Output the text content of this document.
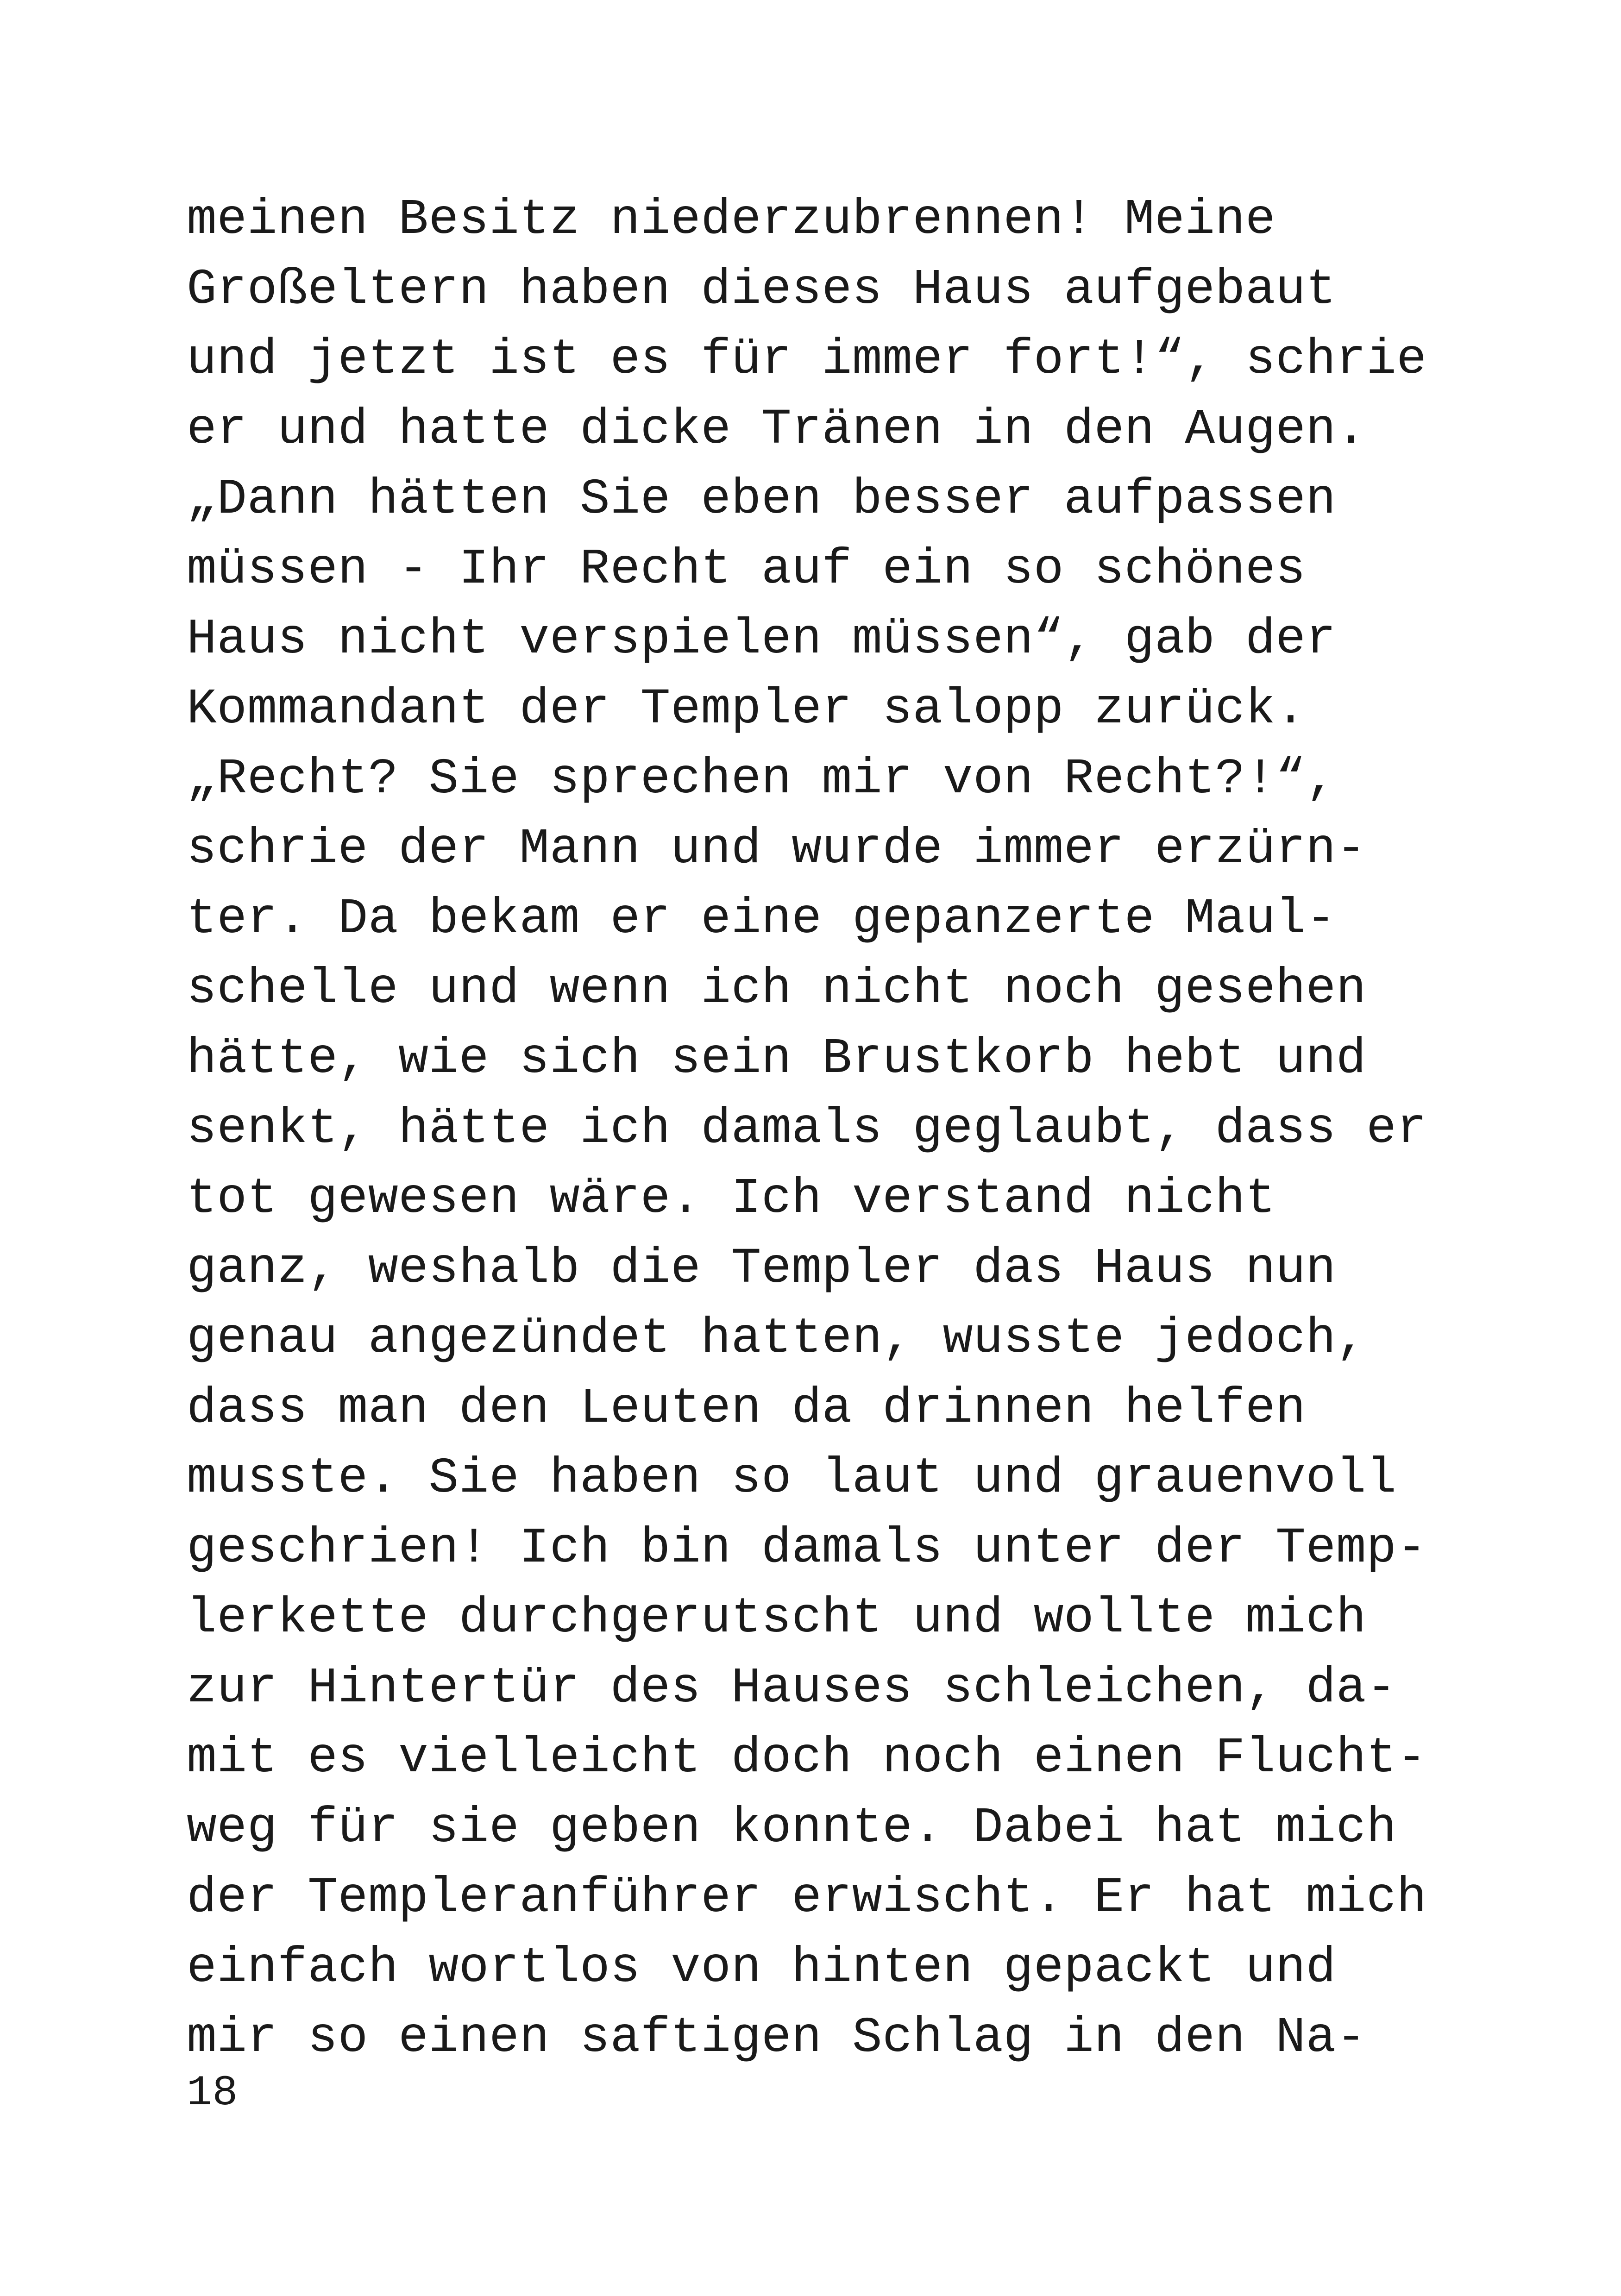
meinen Besitz niederzubrennen! Meine
Großeltern haben dieses Haus aufgebaut
und jetzt ist es für immer fort!“, schrie
er und hatte dicke Tränen in den Augen.
„Dann hätten Sie eben besser aufpassen
müssen - Ihr Recht auf ein so schönes
Haus nicht verspielen müssen“, gab der
Kommandant der Templer salopp zurück.
„Recht? Sie sprechen mir von Recht?!“,
schrie der Mann und wurde immer erzürn-
ter. Da bekam er eine gepanzerte Maul-
schelle und wenn ich nicht noch gesehen
hätte, wie sich sein Brustkorb hebt und
senkt, hätte ich damals geglaubt, dass er
tot gewesen wäre. Ich verstand nicht
ganz, weshalb die Templer das Haus nun
genau angezündet hatten, wusste jedoch,
dass man den Leuten da drinnen helfen
musste. Sie haben so laut und grauenvoll
geschrien! Ich bin damals unter der Temp-
lerkette durchgerutscht und wollte mich
zur Hintertür des Hauses schleichen, da-
mit es vielleicht doch noch einen Flucht-
weg für sie geben konnte. Dabei hat mich
der Templeranführer erwischt. Er hat mich
einfach wortlos von hinten gepackt und
mir so einen saftigen Schlag in den Na-
18
